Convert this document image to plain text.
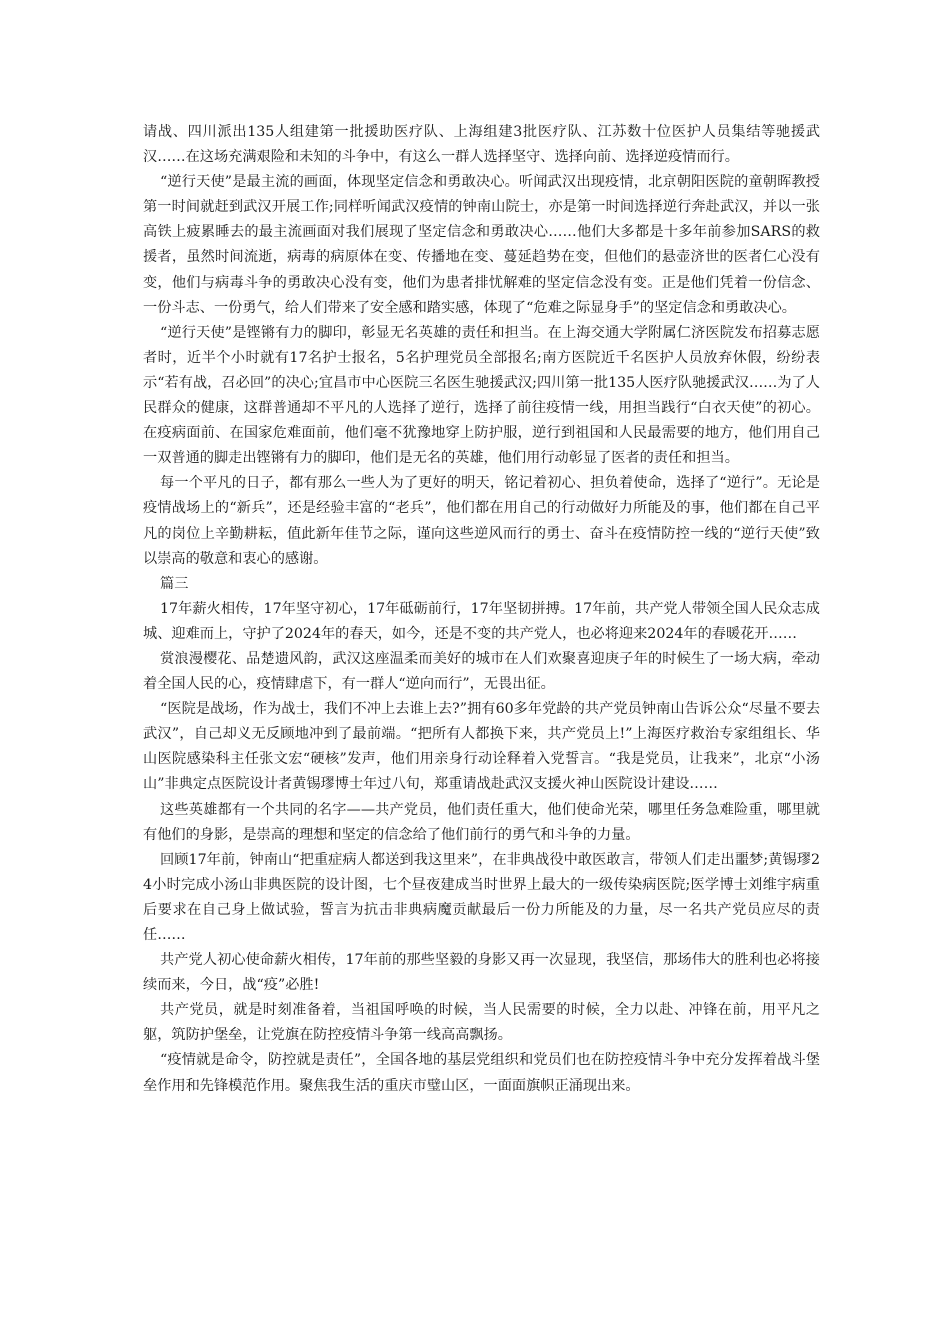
请战、四川派出135人组建第一批援助医疗队、上海组建3批医疗队、江苏数十位医护人员集结等驰援武汉……在这场充满艰险和未知的斗争中，有这么一群人选择坚守、选择向前、选择逆疫情而行。

“逆行天使”是最主流的画面，体现坚定信念和勇敢决心。听闻武汉出现疫情，北京朝阳医院的童朝晖教授第一时间就赶到武汉开展工作;同样听闻武汉疫情的钟南山院士，亦是第一时间选择逆行奔赴武汉，并以一张高铁上疲累睡去的最主流画面对我们展现了坚定信念和勇敢决心……他们大多都是十多年前参加SARS的救援者，虽然时间流逝，病毒的病原体在变、传播地在变、蔓延趋势在变，但他们的悬壶济世的医者仁心没有变，他们与病毒斗争的勇敢决心没有变，他们为患者排忧解难的坚定信念没有变。正是他们凭着一份信念、一份斗志、一份勇气，给人们带来了安全感和踏实感，体现了“危难之际显身手”的坚定信念和勇敢决心。

“逆行天使”是铿锵有力的脚印，彰显无名英雄的责任和担当。在上海交通大学附属仁济医院发布招募志愿者时，近半个小时就有17名护士报名，5名护理党员全部报名;南方医院近千名医护人员放弃休假，纷纷表示“若有战，召必回”的决心;宜昌市中心医院三名医生驰援武汉;四川第一批135人医疗队驰援武汉……为了人民群众的健康，这群普通却不平凡的人选择了逆行，选择了前往疫情一线，用担当践行“白衣天使”的初心。在疫病面前、在国家危难面前，他们毫不犹豫地穿上防护服，逆行到祖国和人民最需要的地方，他们用自己一双普通的脚走出铿锵有力的脚印，他们是无名的英雄，他们用行动彰显了医者的责任和担当。

每一个平凡的日子，都有那么一些人为了更好的明天，铭记着初心、担负着使命，选择了“逆行”。无论是疫情战场上的“新兵”，还是经验丰富的“老兵”，他们都在用自己的行动做好力所能及的事，他们都在自己平凡的岗位上辛勤耕耘，值此新年佳节之际，谨向这些逆风而行的勇士、奋斗在疫情防控一线的“逆行天使”致以崇高的敬意和衷心的感谢。

篇三

17年薪火相传，17年坚守初心，17年砥砺前行，17年坚韧拼搏。17年前，共产党人带领全国人民众志成城、迎难而上，守护了2024年的春天，如今，还是不变的共产党人，也必将迎来2024年的春暖花开……

赏浪漫樱花、品楚遗风韵，武汉这座温柔而美好的城市在人们欢聚喜迎庚子年的时候生了一场大病，牵动着全国人民的心，疫情肆虐下，有一群人“逆向而行”，无畏出征。

“医院是战场，作为战士，我们不冲上去谁上去?”拥有60多年党龄的共产党员钟南山告诉公众“尽量不要去武汉”，自己却义无反顾地冲到了最前端。“把所有人都换下来，共产党员上!”上海医疗救治专家组组长、华山医院感染科主任张文宏“硬核”发声，他们用亲身行动诠释着入党誓言。“我是党员，让我来”，北京“小汤山”非典定点医院设计者黄锡璆博士年过八旬，郑重请战赴武汉支援火神山医院设计建设……

这些英雄都有一个共同的名字——共产党员，他们责任重大，他们使命光荣，哪里任务急难险重，哪里就有他们的身影，是崇高的理想和坚定的信念给了他们前行的勇气和斗争的力量。

回顾17年前，钟南山“把重症病人都送到我这里来”，在非典战役中敢医敢言，带领人们走出噩梦;黄锡璆24小时完成小汤山非典医院的设计图，七个昼夜建成当时世界上最大的一级传染病医院;医学博士刘维宇病重后要求在自己身上做试验，誓言为抗击非典病魔贡献最后一份力所能及的力量，尽一名共产党员应尽的责任……

共产党人初心使命薪火相传，17年前的那些坚毅的身影又再一次显现，我坚信，那场伟大的胜利也必将接续而来，今日，战“疫”必胜!

共产党员，就是时刻准备着，当祖国呼唤的时候，当人民需要的时候，全力以赴、冲锋在前，用平凡之躯，筑防护堡垒，让党旗在防控疫情斗争第一线高高飘扬。

“疫情就是命令，防控就是责任”，全国各地的基层党组织和党员们也在防控疫情斗争中充分发挥着战斗堡垒作用和先锋模范作用。聚焦我生活的重庆市璧山区，一面面旗帜正涌现出来。
